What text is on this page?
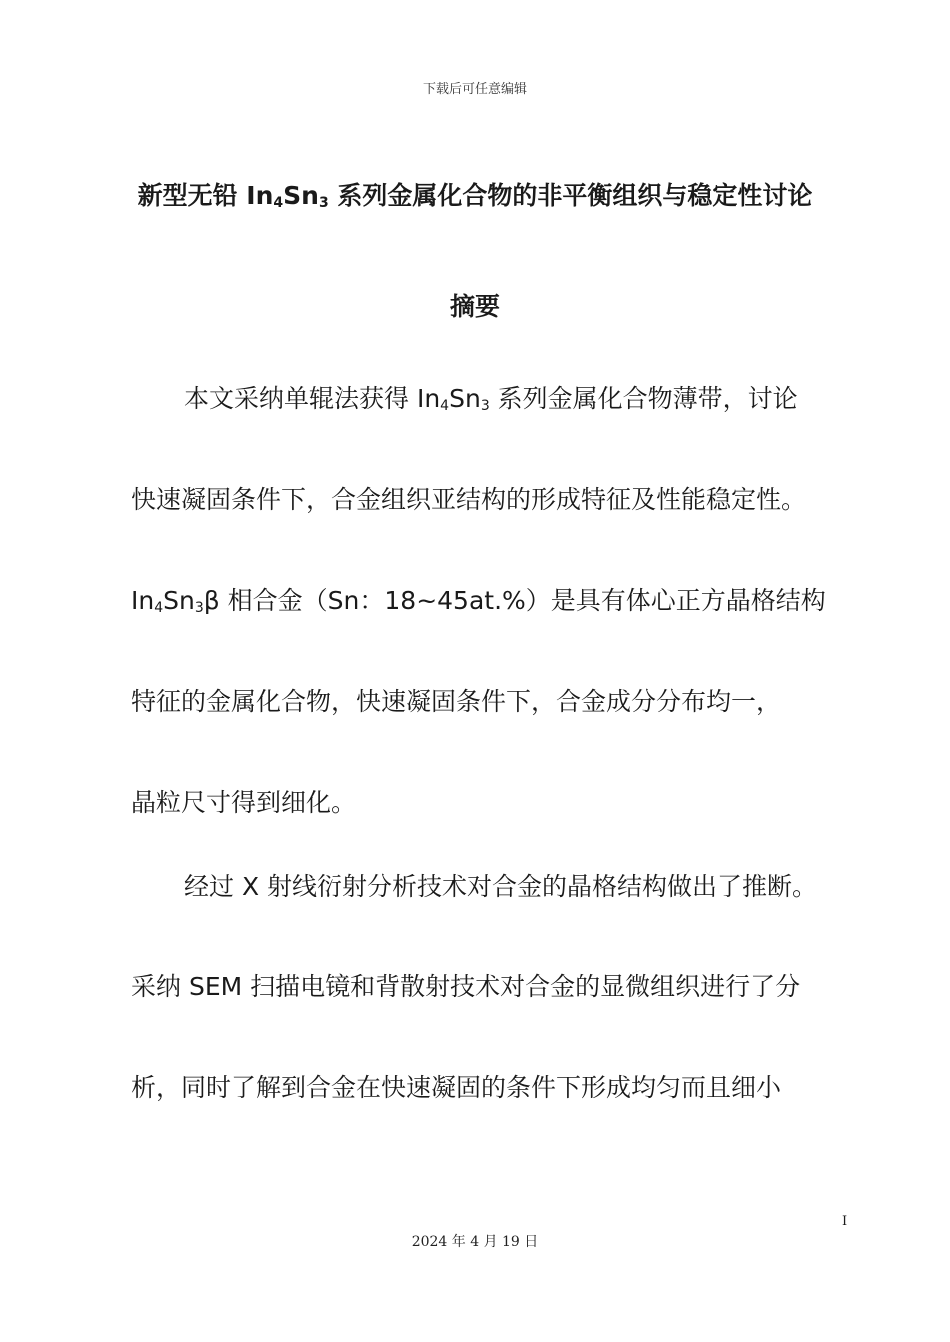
下载后可任意编辑
新型无铅 $In_4Sn_3$ 系列金属化合物的非平衡组织与稳定性讨论
摘要
本文采纳单辊法获得 $In_4Sn_3$ 系列金属化合物薄带，讨论
快速凝固条件下，合金组织亚结构的形成特征及性能稳定性。
$In_4Sn_3\beta$ 相合金（Sn：18~45at.%）是具有体心正方晶格结构
特征的金属化合物，快速凝固条件下，合金成分分布均一，
晶粒尺寸得到细化。
经过 X 射线衍射分析技术对合金的晶格结构做出了推断。
采纳 SEM 扫描电镜和背散射技术对合金的显微组织进行了分
析，同时了解到合金在快速凝固的条件下形成均匀而且细小
I
2024 年 4 月 19 日
